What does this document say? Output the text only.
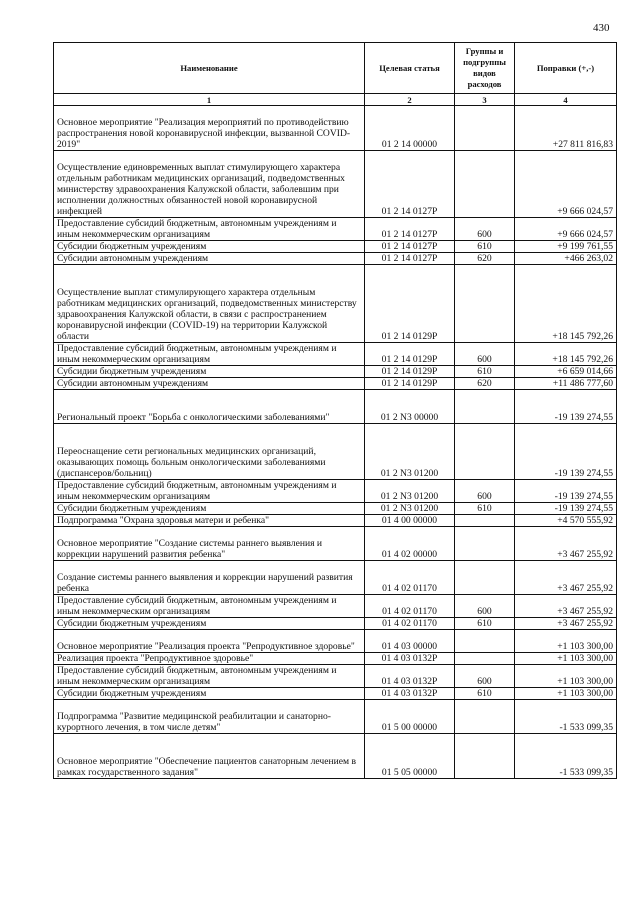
430
Наименование	Целевая статья	Группы и подгруппы видов расходов	Поправки (+,-)
1	2	3	4
Основное мероприятие "Реализация мероприятий по противодействию распространения новой коронавирусной инфекции, вызванной COVID-2019"	01 2 14 00000		+27 811 816,83
Осуществление единовременных выплат стимулирующего характера отдельным работникам медицинских организаций, подведомственных министерству здравоохранения Калужской области, заболевшим при исполнении должностных обязанностей новой коронавирусной инфекцией	01 2 14 0127Р		+9 666 024,57
Предоставление субсидий бюджетным, автономным учреждениям и иным некоммерческим организациям	01 2 14 0127Р	600	+9 666 024,57
Субсидии бюджетным учреждениям	01 2 14 0127Р	610	+9 199 761,55
Субсидии автономным учреждениям	01 2 14 0127Р	620	+466 263,02
Осуществление выплат стимулирующего характера отдельным работникам медицинских организаций, подведомственных министерству здравоохранения Калужской области, в связи с распространением коронавирусной инфекции (COVID-19) на территории Калужской области	01 2 14 0129Р		+18 145 792,26
Предоставление субсидий бюджетным, автономным учреждениям и иным некоммерческим организациям	01 2 14 0129Р	600	+18 145 792,26
Субсидии бюджетным учреждениям	01 2 14 0129Р	610	+6 659 014,66
Субсидии автономным учреждениям	01 2 14 0129Р	620	+11 486 777,60
Региональный проект "Борьба с онкологическими заболеваниями"	01 2 N3 00000		-19 139 274,55
Переоснащение сети региональных медицинских организаций, оказывающих помощь больным онкологическими заболеваниями (диспансеров/больниц)	01 2 N3 01200		-19 139 274,55
Предоставление субсидий бюджетным, автономным учреждениям и иным некоммерческим организациям	01 2 N3 01200	600	-19 139 274,55
Субсидии бюджетным учреждениям	01 2 N3 01200	610	-19 139 274,55
Подпрограмма "Охрана здоровья матери и ребенка"	01 4 00 00000		+4 570 555,92
Основное мероприятие "Создание системы раннего выявления и коррекции нарушений развития ребенка"	01 4 02 00000		+3 467 255,92
Создание системы раннего выявления и коррекции нарушений развития ребенка	01 4 02 01170		+3 467 255,92
Предоставление субсидий бюджетным, автономным учреждениям и иным некоммерческим организациям	01 4 02 01170	600	+3 467 255,92
Субсидии бюджетным учреждениям	01 4 02 01170	610	+3 467 255,92
Основное мероприятие "Реализация проекта "Репродуктивное здоровье"	01 4 03 00000		+1 103 300,00
Реализация проекта "Репродуктивное здоровье"	01 4 03 0132Р		+1 103 300,00
Предоставление субсидий бюджетным, автономным учреждениям и иным некоммерческим организациям	01 4 03 0132Р	600	+1 103 300,00
Субсидии бюджетным учреждениям	01 4 03 0132Р	610	+1 103 300,00
Подпрограмма "Развитие медицинской реабилитации и санаторно-курортного лечения, в том числе детям"	01 5 00 00000		-1 533 099,35
Основное мероприятие "Обеспечение пациентов санаторным лечением в рамках государственного задания"	01 5 05 00000		-1 533 099,35
